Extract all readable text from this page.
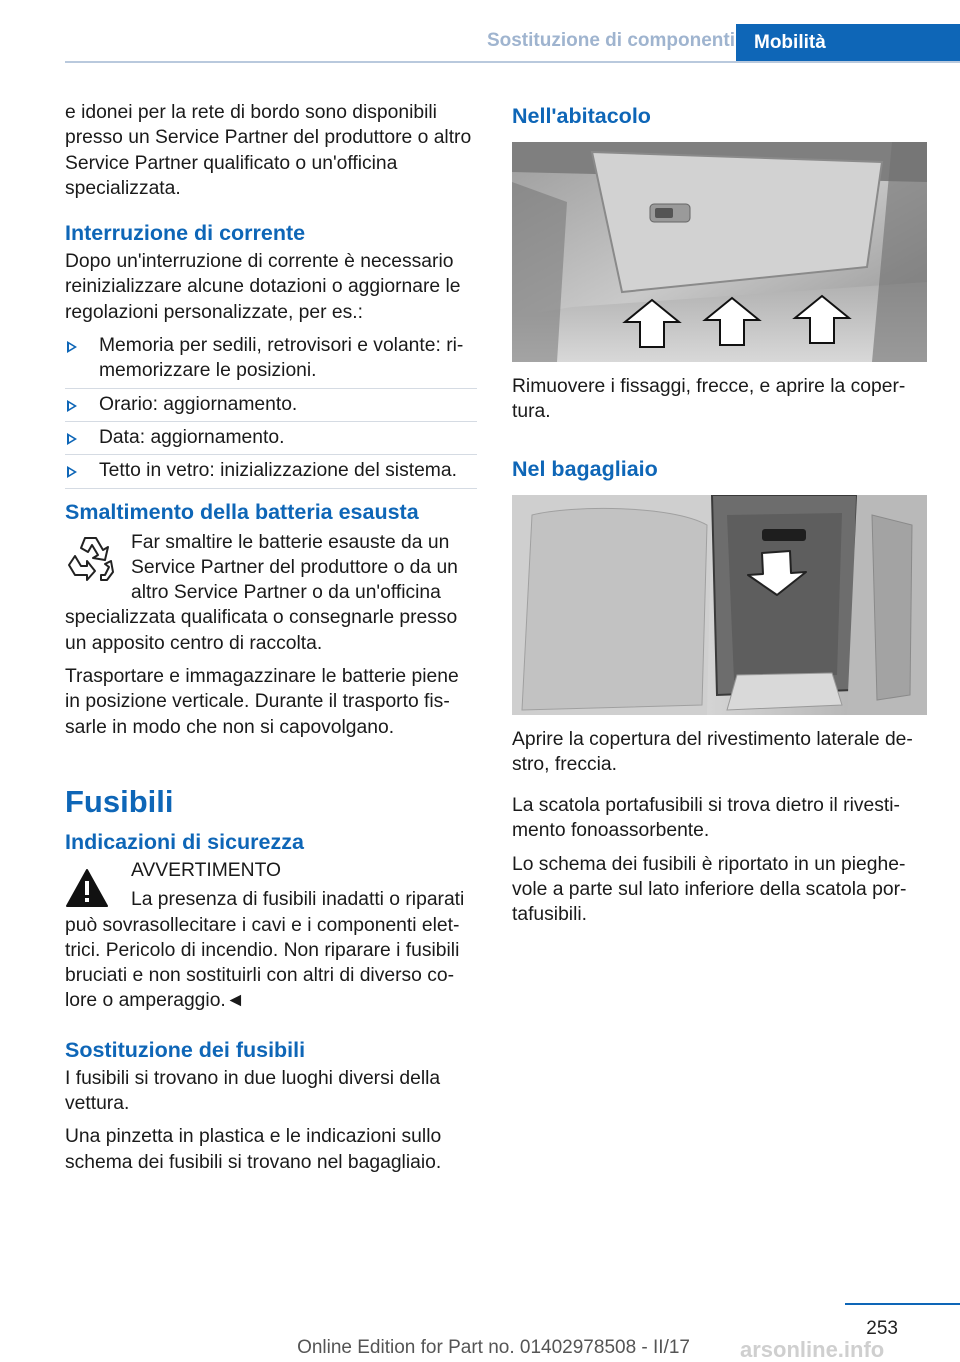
Sostituzione di componenti Mobilità

e idonei per la rete di bordo sono disponibili presso un Service Partner del produttore o altro Service Partner qualificato o un'officina specializzata.

Interruzione di corrente

Dopo un'interruzione di corrente è necessario reinizializzare alcune dotazioni o aggiornare le regolazioni personalizzate, per es.:

Memoria per sedili, retrovisori e volante: rimemorizzare le posizioni.
Orario: aggiornamento.
Data: aggiornamento.
Tetto in vetro: inizializzazione del sistema.
Smaltimento della batteria esausta
Far smaltire le batterie esauste da un Service Partner del produttore o da un altro Service Partner o da un'officina
specializzata qualificata o consegnarle presso un apposito centro di raccolta.

Trasportare e immagazzinare le batterie piene in posizione verticale. Durante il trasporto fissarle in modo che non si capovolgano.

Fusibili
Indicazioni di sicurezza
AVVERTIMENTO
La presenza di fusibili inadatti o riparati
può sovrasollecitare i cavi e i componenti elettrici. Pericolo di incendio. Non riparare i fusibili bruciati e non sostituirli con altri di diverso colore o amperaggio.◄
Sostituzione dei fusibili

I fusibili si trovano in due luoghi diversi della vettura.

Una pinzetta in plastica e le indicazioni sullo schema dei fusibili si trovano nel bagagliaio.

Nell'abitacolo

Rimuovere i fissaggi, frecce, e aprire la copertura.

Nel bagagliaio

Aprire la copertura del rivestimento laterale destro, freccia.

La scatola portafusibili si trova dietro il rivestimento fonoassorbente.

Lo schema dei fusibili è riportato in un pieghevole a parte sul lato inferiore della scatola portafusibili.

253
Online Edition for Part no. 01402978508 - II/17 arsonline.info
